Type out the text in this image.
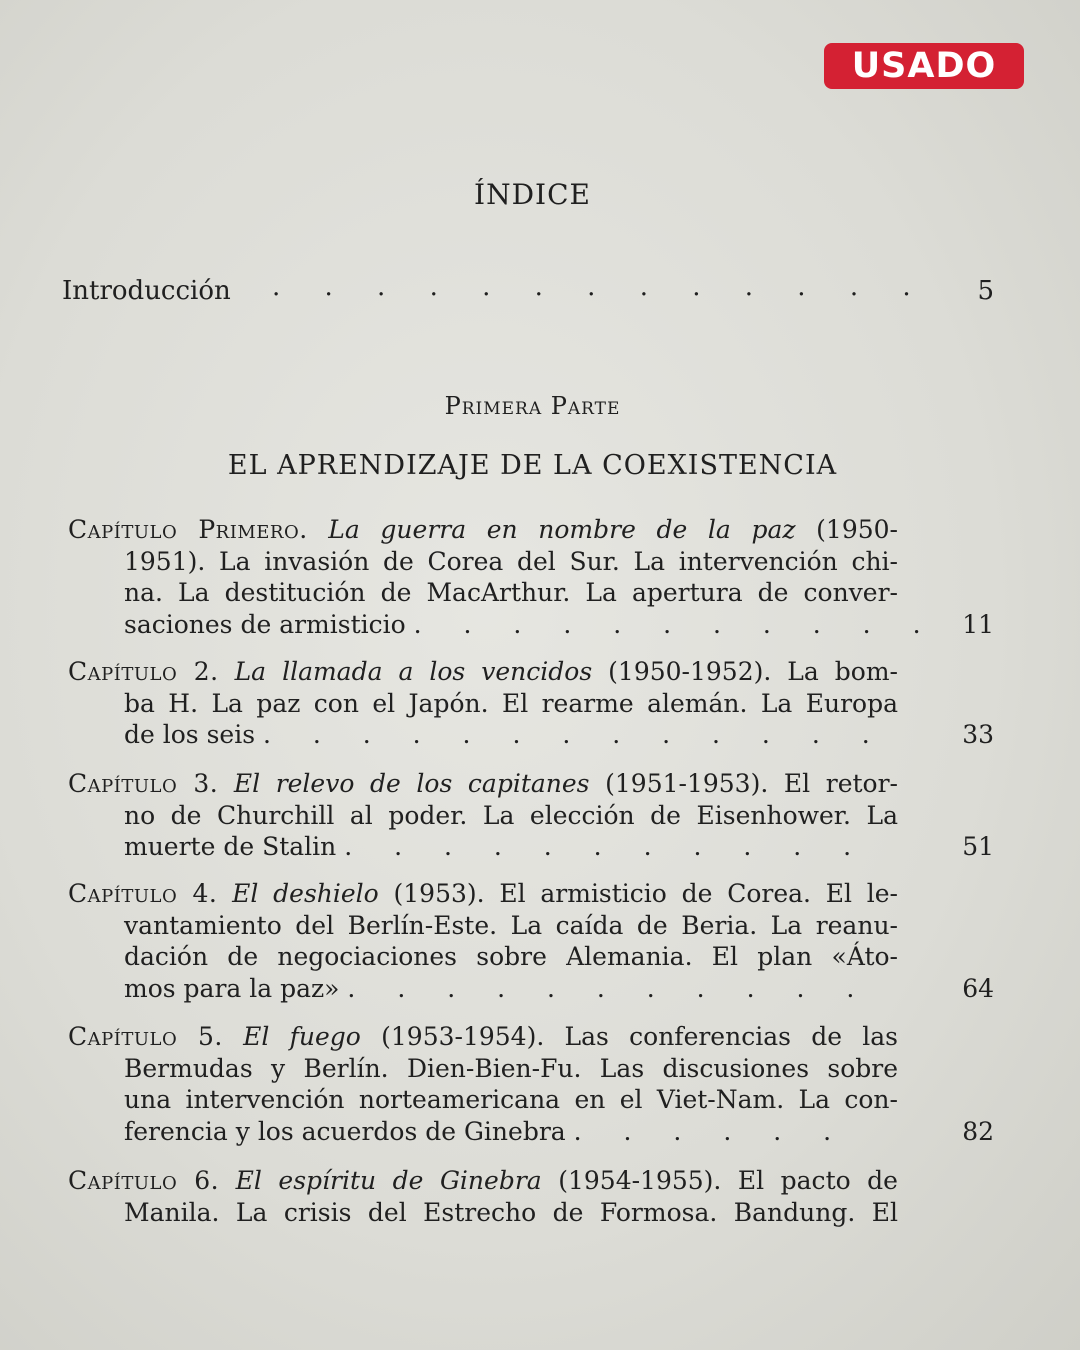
USADO
ÍNDICE
Introducción . . . . . . . . . . . . .	5
Primera Parte
EL APRENDIZAJE DE LA COEXISTENCIA
Capítulo Primero. La guerra en nombre de la paz (1950-
1951). La invasión de Corea del Sur. La intervención chi-
na. La destitución de MacArthur. La apertura de conver-
saciones de armisticio . . . . . . . . . . . 11
Capítulo 2. La llamada a los vencidos (1950-1952). La bom-
ba H. La paz con el Japón. El rearme alemán. La Europa
de los seis . . . . . . . . . . . . .	33
Capítulo 3. El relevo de los capitanes (1951-1953). El retor-
no de Churchill al poder. La elección de Eisenhower. La
muerte de Stalin . . . . . . . . . . .	51
Capítulo 4. El deshielo (1953). El armisticio de Corea. El le-
vantamiento del Berlín-Este. La caída de Beria. La reanu-
dación de negociaciones sobre Alemania. El plan «Áto-
mos para la paz» . . . . . . . . . . .	64
Capítulo 5. El fuego (1953-1954). Las conferencias de las
Bermudas y Berlín. Dien-Bien-Fu. Las discusiones sobre
una intervención norteamericana en el Viet-Nam. La con-
ferencia y los acuerdos de Ginebra . . . . . .	82
Capítulo 6. El espíritu de Ginebra (1954-1955). El pacto de
Manila. La crisis del Estrecho de Formosa. Bandung. El
